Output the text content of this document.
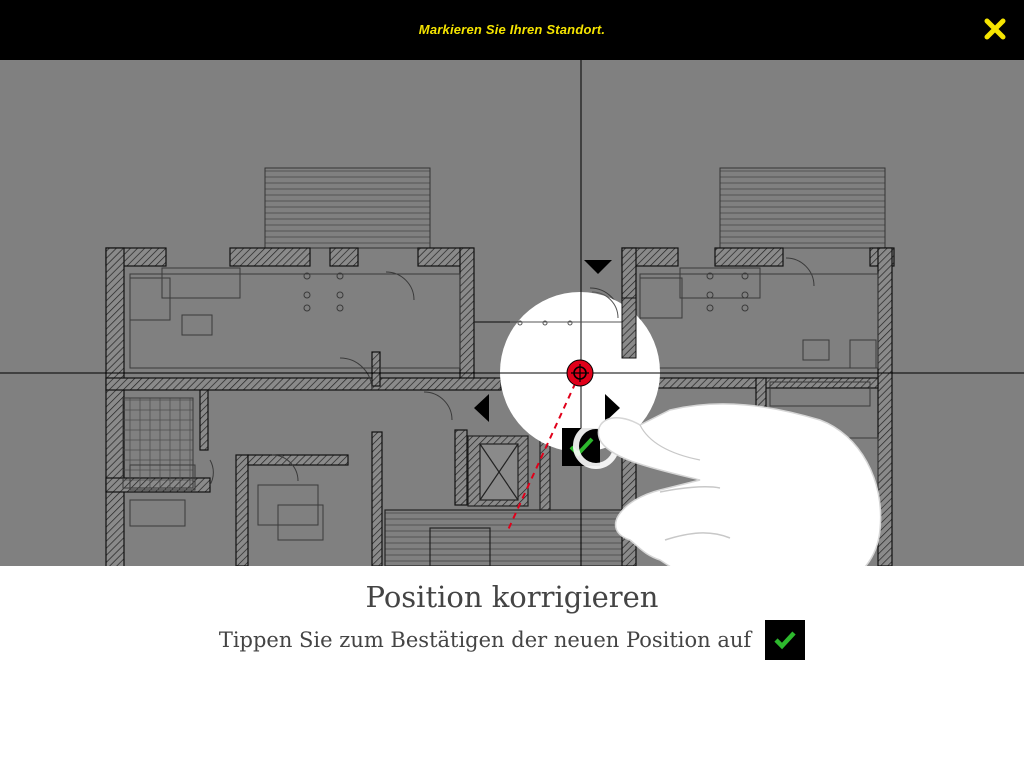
Markieren Sie Ihren Standort.
Position korrigieren
Tippen Sie zum Bestätigen der neuen Position auf
